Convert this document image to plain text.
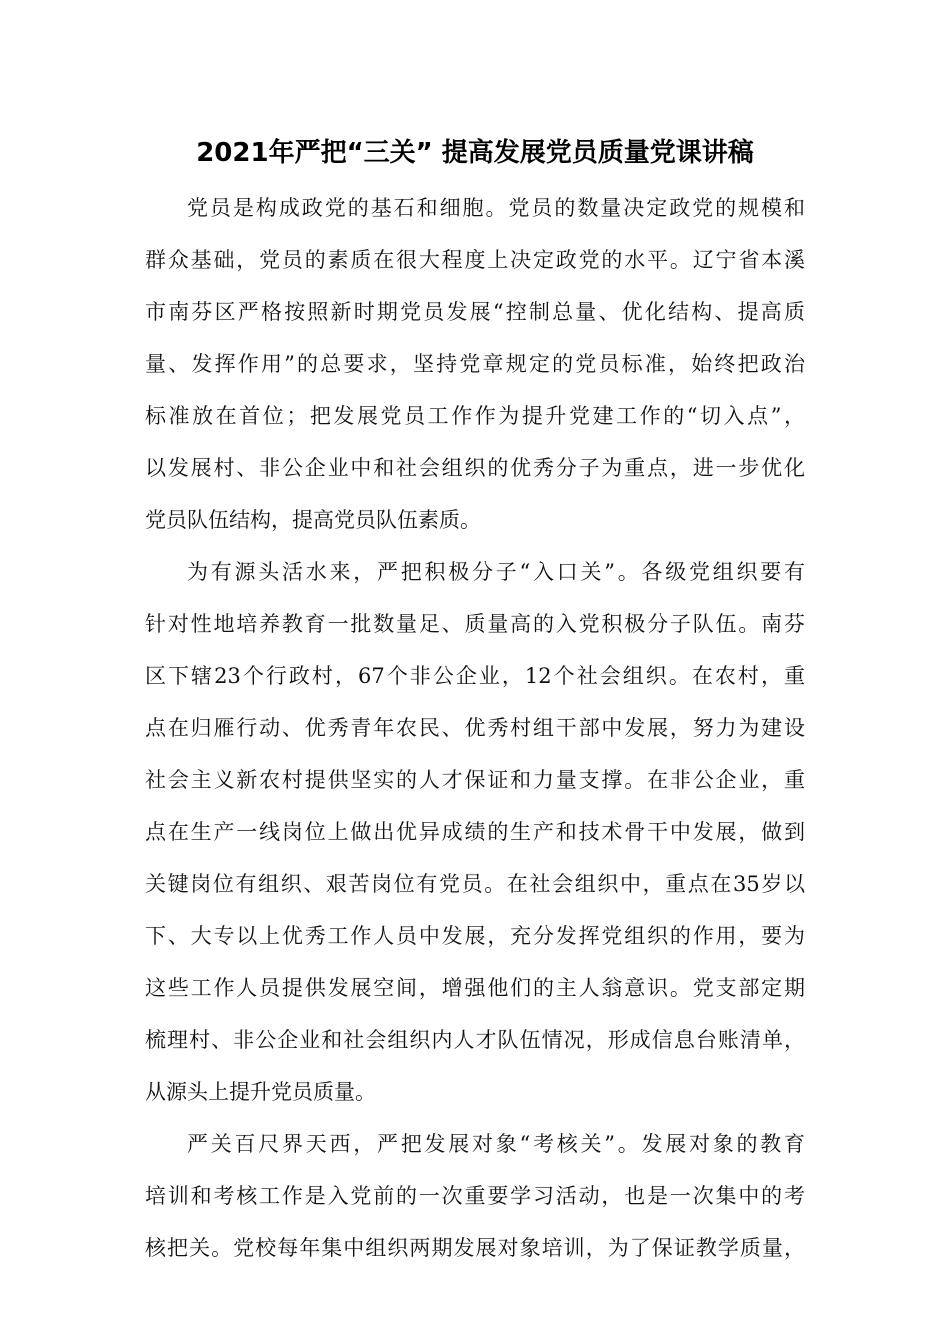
2021年严把“三关” 提高发展党员质量党课讲稿

党员是构成政党的基石和细胞。党员的数量决定政党的规模和
群众基础，党员的素质在很大程度上决定政党的水平。辽宁省本溪
市南芬区严格按照新时期党员发展“控制总量、优化结构、提高质
量、发挥作用”的总要求，坚持党章规定的党员标准，始终把政治
标准放在首位；把发展党员工作作为提升党建工作的“切入点”，
以发展村、非公企业中和社会组织的优秀分子为重点，进一步优化
党员队伍结构，提高党员队伍素质。

为有源头活水来，严把积极分子“入口关”。各级党组织要有
针对性地培养教育一批数量足、质量高的入党积极分子队伍。南芬
区下辖23个行政村，67个非公企业，12个社会组织。在农村，重
点在归雁行动、优秀青年农民、优秀村组干部中发展，努力为建设
社会主义新农村提供坚实的人才保证和力量支撑。在非公企业，重
点在生产一线岗位上做出优异成绩的生产和技术骨干中发展，做到
关键岗位有组织、艰苦岗位有党员。在社会组织中，重点在35岁以
下、大专以上优秀工作人员中发展，充分发挥党组织的作用，要为
这些工作人员提供发展空间，增强他们的主人翁意识。党支部定期
梳理村、非公企业和社会组织内人才队伍情况，形成信息台账清单，
从源头上提升党员质量。

严关百尺界天西，严把发展对象“考核关”。发展对象的教育
培训和考核工作是入党前的一次重要学习活动，也是一次集中的考
核把关。党校每年集中组织两期发展对象培训，为了保证教学质量，
